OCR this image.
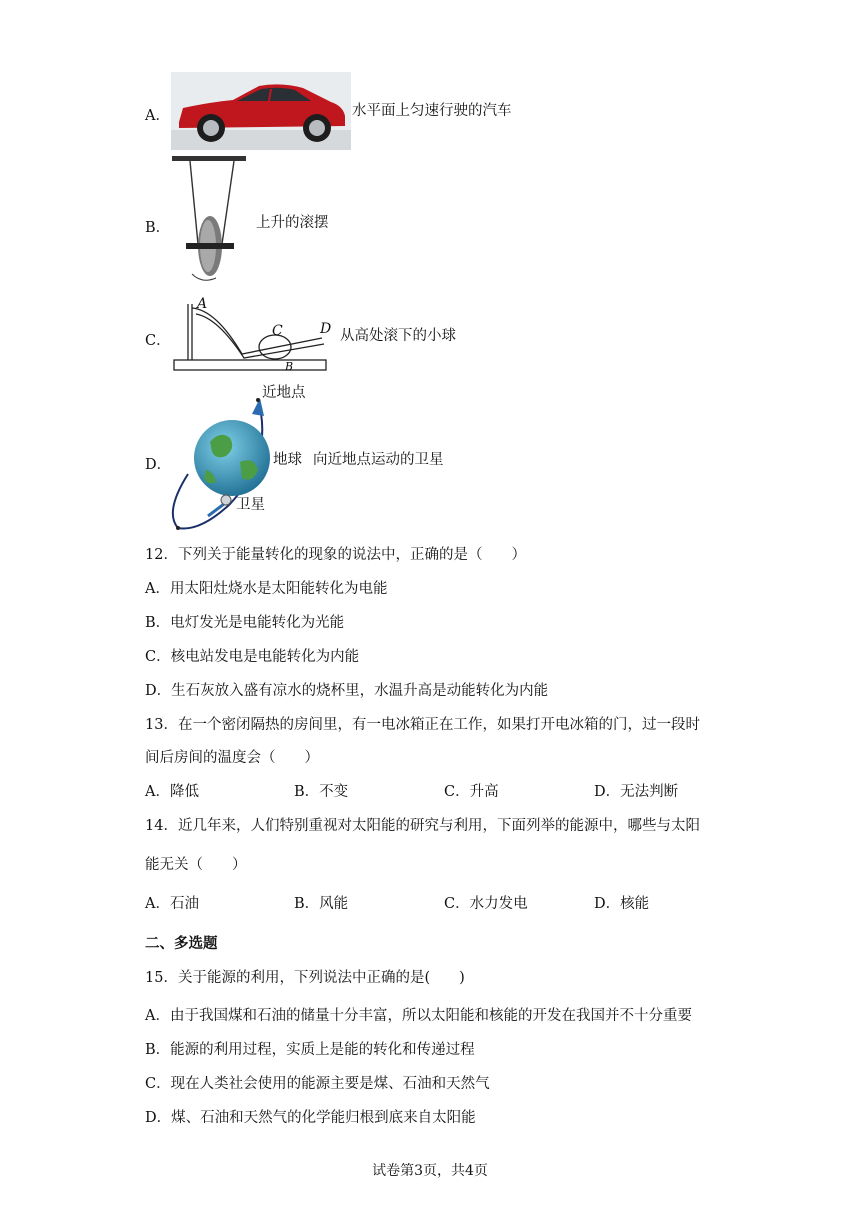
A．	水平面上匀速行驶的汽车
B．	上升的滚摆
C．
A
C	D
B
从高处滚下的小球
D．
近地点
地球
卫星
向近地点运动的卫星
12．下列关于能量转化的现象的说法中，正确的是（　　）
A．用太阳灶烧水是太阳能转化为电能
B．电灯发光是电能转化为光能
C．核电站发电是电能转化为内能
D．生石灰放入盛有凉水的烧杯里，水温升高是动能转化为内能
13．在一个密闭隔热的房间里，有一电冰箱正在工作，如果打开电冰箱的门，过一段时
间后房间的温度会（　　）
A．降低	B．不变	C．升高	D．无法判断
14．近几年来，人们特别重视对太阳能的研究与利用，下面列举的能源中，哪些与太阳
能无关（　　）
A．石油	B．风能	C．水力发电	D．核能
二、多选题
15．关于能源的利用，下列说法中正确的是(　　)
A．由于我国煤和石油的储量十分丰富，所以太阳能和核能的开发在我国并不十分重要
B．能源的利用过程，实质上是能的转化和传递过程
C．现在人类社会使用的能源主要是煤、石油和天然气
D．煤、石油和天然气的化学能归根到底来自太阳能
试卷第3页，共4页
